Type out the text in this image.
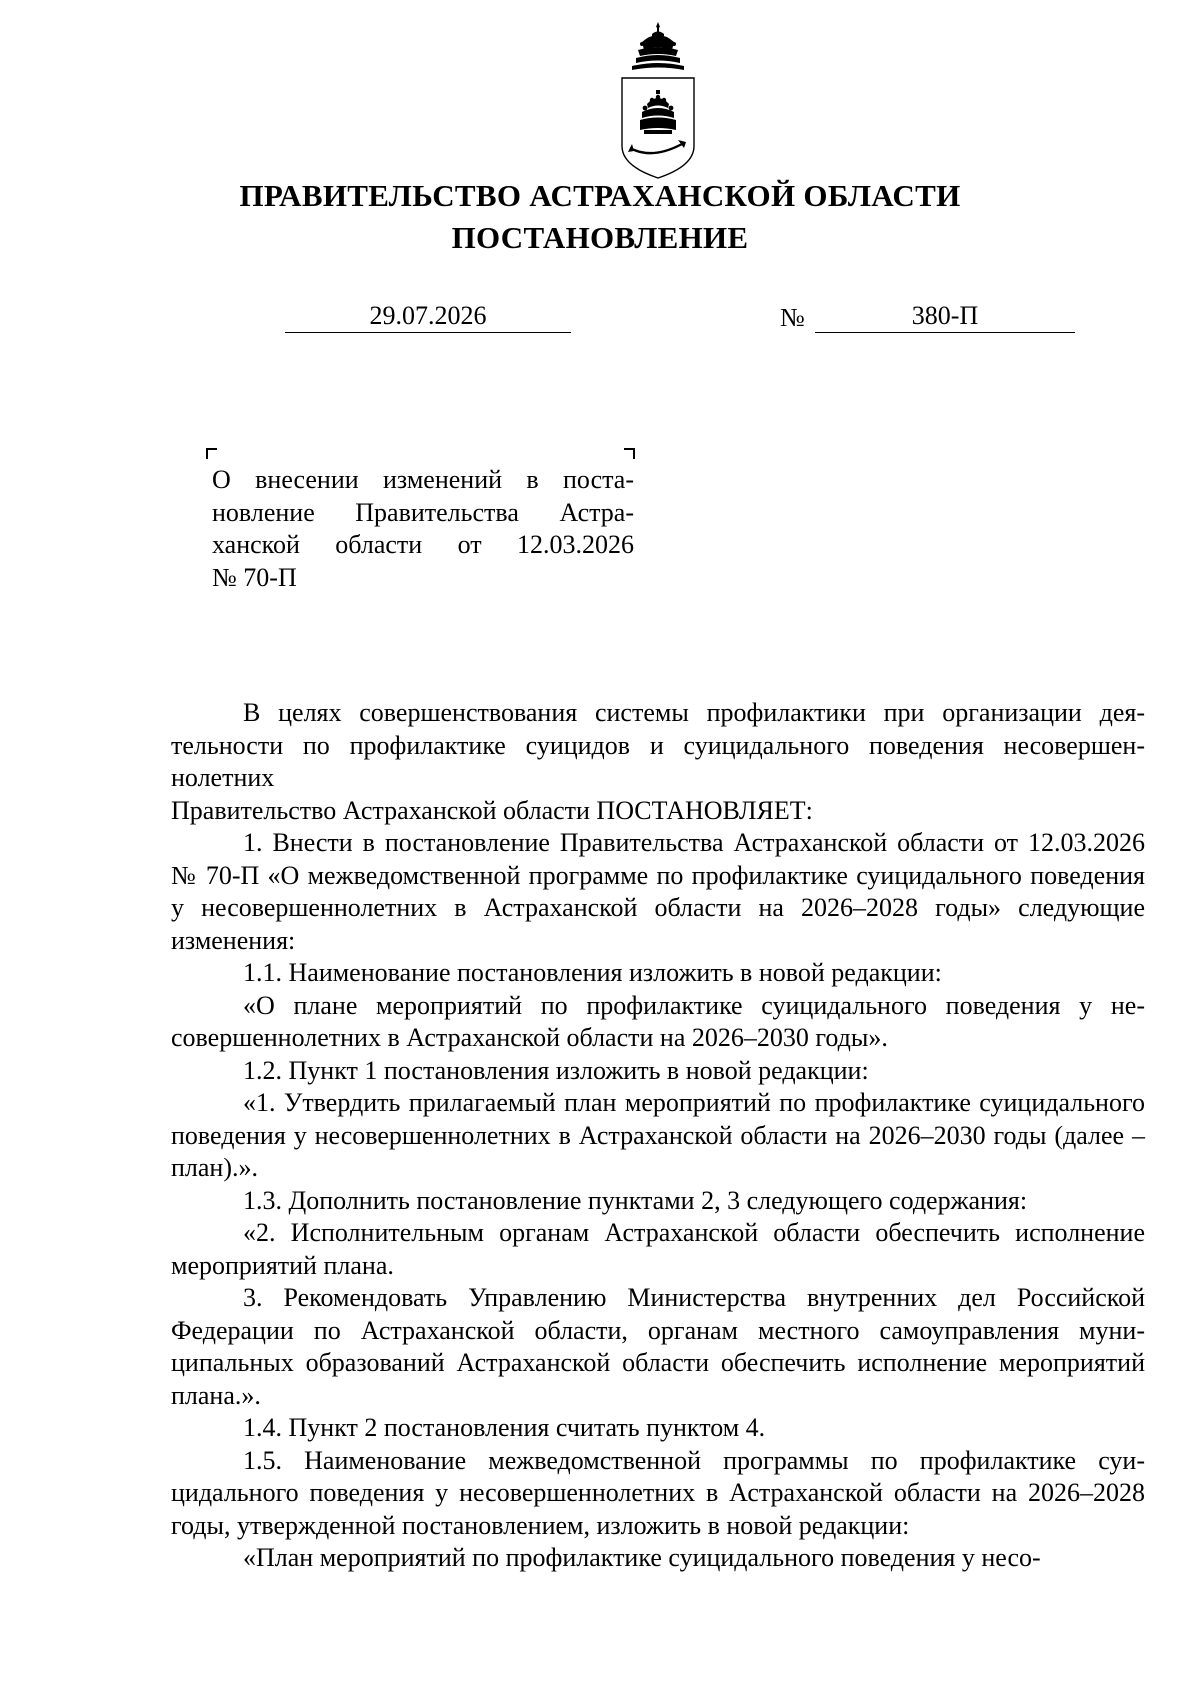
ПРАВИТЕЛЬСТВО АСТРАХАНСКОЙ ОБЛАСТИ
ПОСТАНОВЛЕНИЕ
29.07.2026	№	380-П

О внесении изменений в поста-

новление Правительства Астра-

ханской области от 12.03.2026

№ 70-П

В целях совершенствования системы профилактики при организации деятельности по профилактике суицидов и суицидального поведения несовершеннолетних

Правительство Астраханской области ПОСТАНОВЛЯЕТ:

1. Внести в постановление Правительства Астраханской области от 12.03.2026 № 70-П «О межведомственной программе по профилактике суицидального поведения у несовершеннолетних в Астраханской области на 2026–2028 годы» следующие изменения:

1.1. Наименование постановления изложить в новой редакции:

«О плане мероприятий по профилактике суицидального поведения у несовершеннолетних в Астраханской области на 2026–2030 годы».

1.2. Пункт 1 постановления изложить в новой редакции:

«1. Утвердить прилагаемый план мероприятий по профилактике суицидального поведения у несовершеннолетних в Астраханской области на 2026–2030 годы (далее – план).».

1.3. Дополнить постановление пунктами 2, 3 следующего содержания:

«2. Исполнительным органам Астраханской области обеспечить исполнение мероприятий плана.

3. Рекомендовать Управлению Министерства внутренних дел Российской Федерации по Астраханской области, органам местного самоуправления муниципальных образований Астраханской области обеспечить исполнение мероприятий плана.».

1.4. Пункт 2 постановления считать пунктом 4.

1.5. Наименование межведомственной программы по профилактике суицидального поведения у несовершеннолетних в Астраханской области на 2026–2028 годы, утвержденной постановлением, изложить в новой редакции:

«План мероприятий по профилактике суицидального поведения у несо-
